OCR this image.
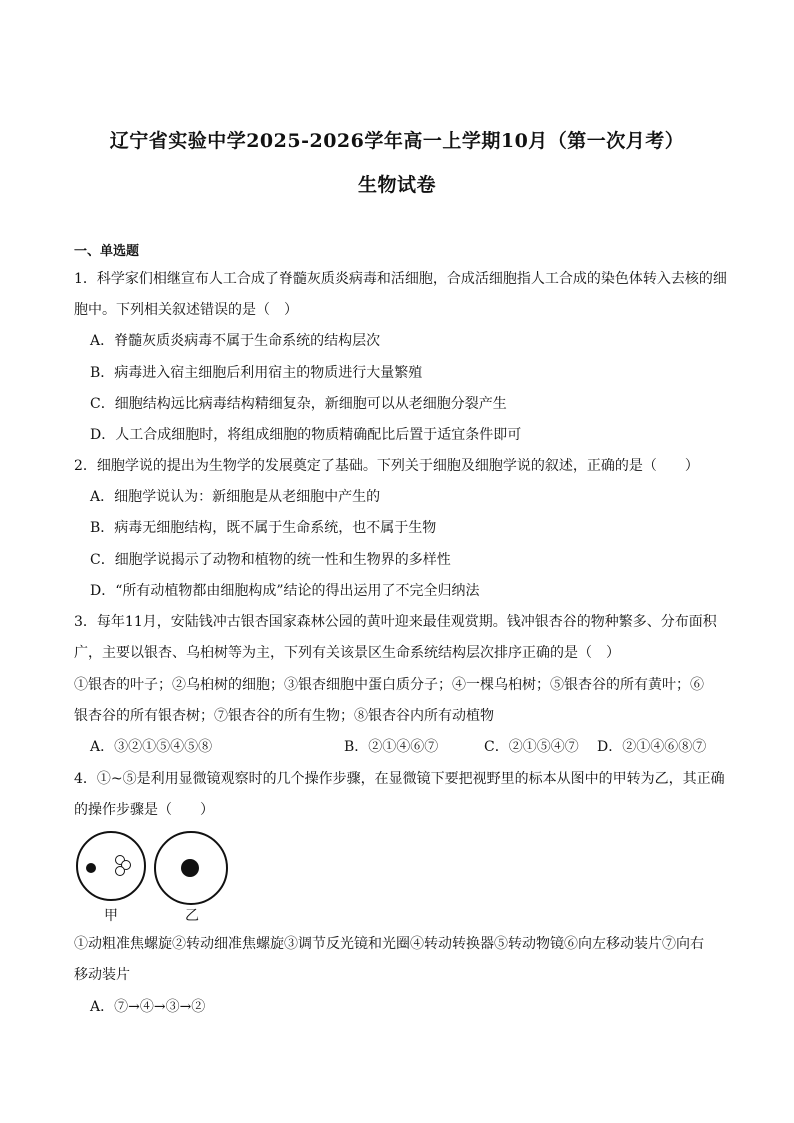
辽宁省实验中学2025-2026学年高一上学期10月（第一次月考）
生物试卷
一、单选题
1．科学家们相继宣布人工合成了脊髓灰质炎病毒和活细胞，合成活细胞指人工合成的染色体转入去核的细
胞中。下列相关叙述错误的是（　）
A．脊髓灰质炎病毒不属于生命系统的结构层次
B．病毒进入宿主细胞后利用宿主的物质进行大量繁殖
C．细胞结构远比病毒结构精细复杂，新细胞可以从老细胞分裂产生
D．人工合成细胞时，将组成细胞的物质精确配比后置于适宜条件即可
2．细胞学说的提出为生物学的发展奠定了基础。下列关于细胞及细胞学说的叙述，正确的是（　　）
A．细胞学说认为：新细胞是从老细胞中产生的
B．病毒无细胞结构，既不属于生命系统，也不属于生物
C．细胞学说揭示了动物和植物的统一性和生物界的多样性
D．“所有动植物都由细胞构成”结论的得出运用了不完全归纳法
3．每年11月，安陆钱冲古银杏国家森林公园的黄叶迎来最佳观赏期。钱冲银杏谷的物种繁多、分布面积
广，主要以银杏、乌桕树等为主，下列有关该景区生命系统结构层次排序正确的是（　）
①银杏的叶子；②乌桕树的细胞；③银杏细胞中蛋白质分子；④一棵乌桕树；⑤银杏谷的所有黄叶；⑥
银杏谷的所有银杏树；⑦银杏谷的所有生物；⑧银杏谷内所有动植物
A．③②①⑤④⑤⑧	B．②①④⑥⑦	C．②①⑤④⑦ D．②①④⑥⑧⑦
4．①~⑤是利用显微镜观察时的几个操作步骤，在显微镜下要把视野里的标本从图中的甲转为乙，其正确
的操作步骤是（　　）
甲	乙
①动粗准焦螺旋②转动细准焦螺旋③调节反光镜和光圈④转动转换器⑤转动物镜⑥向左移动装片⑦向右
移动装片
A．⑦→④→③→②
